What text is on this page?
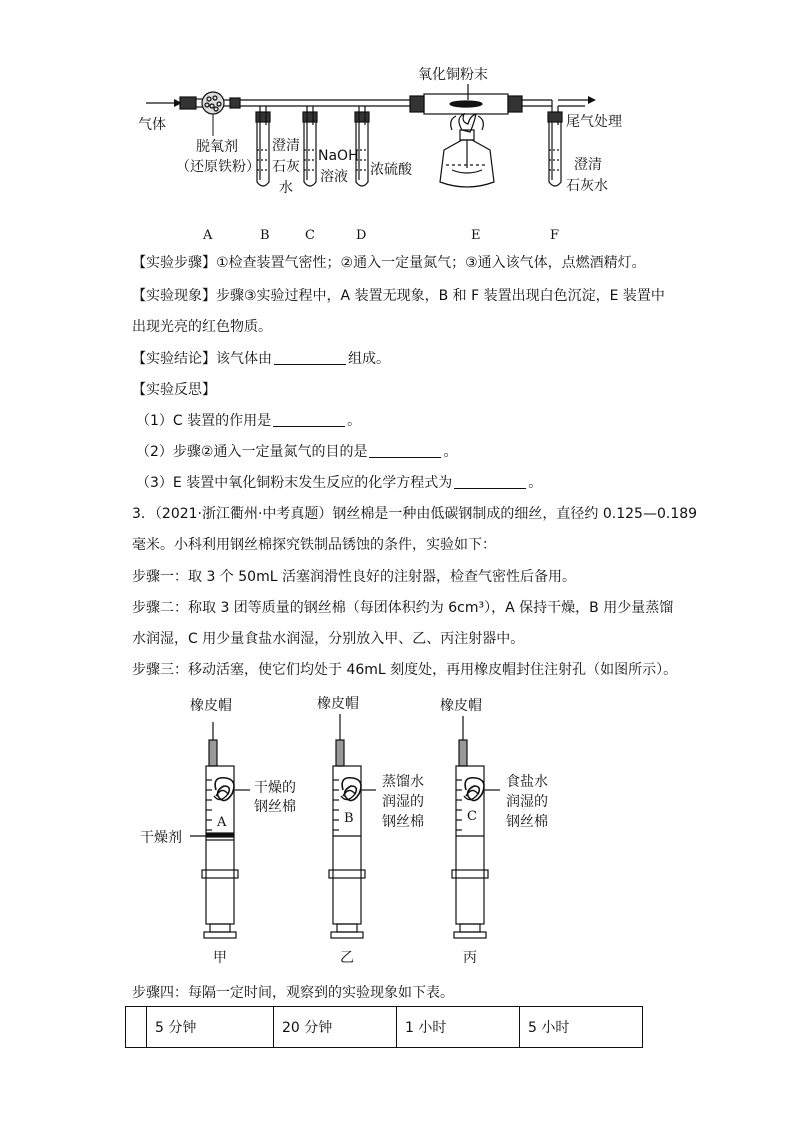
气体
脱氧剂
（还原铁粉）
澄清
石灰
水
NaOH
溶液 浓硫酸
氧化铜粉末
尾气处理
澄清
石灰水
A	B	C	D	E	F
【实验步骤】①检查装置气密性；②通入一定量氮气；③通入该气体，点燃酒精灯。
【实验现象】步骤③实验过程中，A 装置无现象，B 和 F 装置出现白色沉淀，E 装置中
出现光亮的红色物质。
【实验结论】该气体由	组成。
【实验反思】
（1）C 装置的作用是	。
（2）步骤②通入一定量氮气的目的是	。
（3）E 装置中氧化铜粉末发生反应的化学方程式为	。
3．（2021·浙江衢州·中考真题）钢丝棉是一种由低碳钢制成的细丝，直径约 0.125—0.189
毫米。小科利用钢丝棉探究铁制品锈蚀的条件，实验如下：
步骤一：取 3 个 50mL 活塞润滑性良好的注射器，检查气密性后备用。
步骤二：称取 3 团等质量的钢丝棉（每团体积约为 6cm³），A 保持干燥，B 用少量蒸馏
水润湿，C 用少量食盐水润湿，分别放入甲、乙、丙注射器中。
步骤三：移动活塞，使它们均处于 46mL 刻度处，再用橡皮帽封住注射孔（如图所示）。
橡皮帽	橡皮帽	橡皮帽
干燥的
钢丝棉
A
干燥剂
蒸馏水
润湿的
钢丝棉
B
食盐水
润湿的
钢丝棉
C
甲	乙	丙
步骤四：每隔一定时间，观察到的实验现象如下表。
	5 分钟	20 分钟	1 小时	5 小时
